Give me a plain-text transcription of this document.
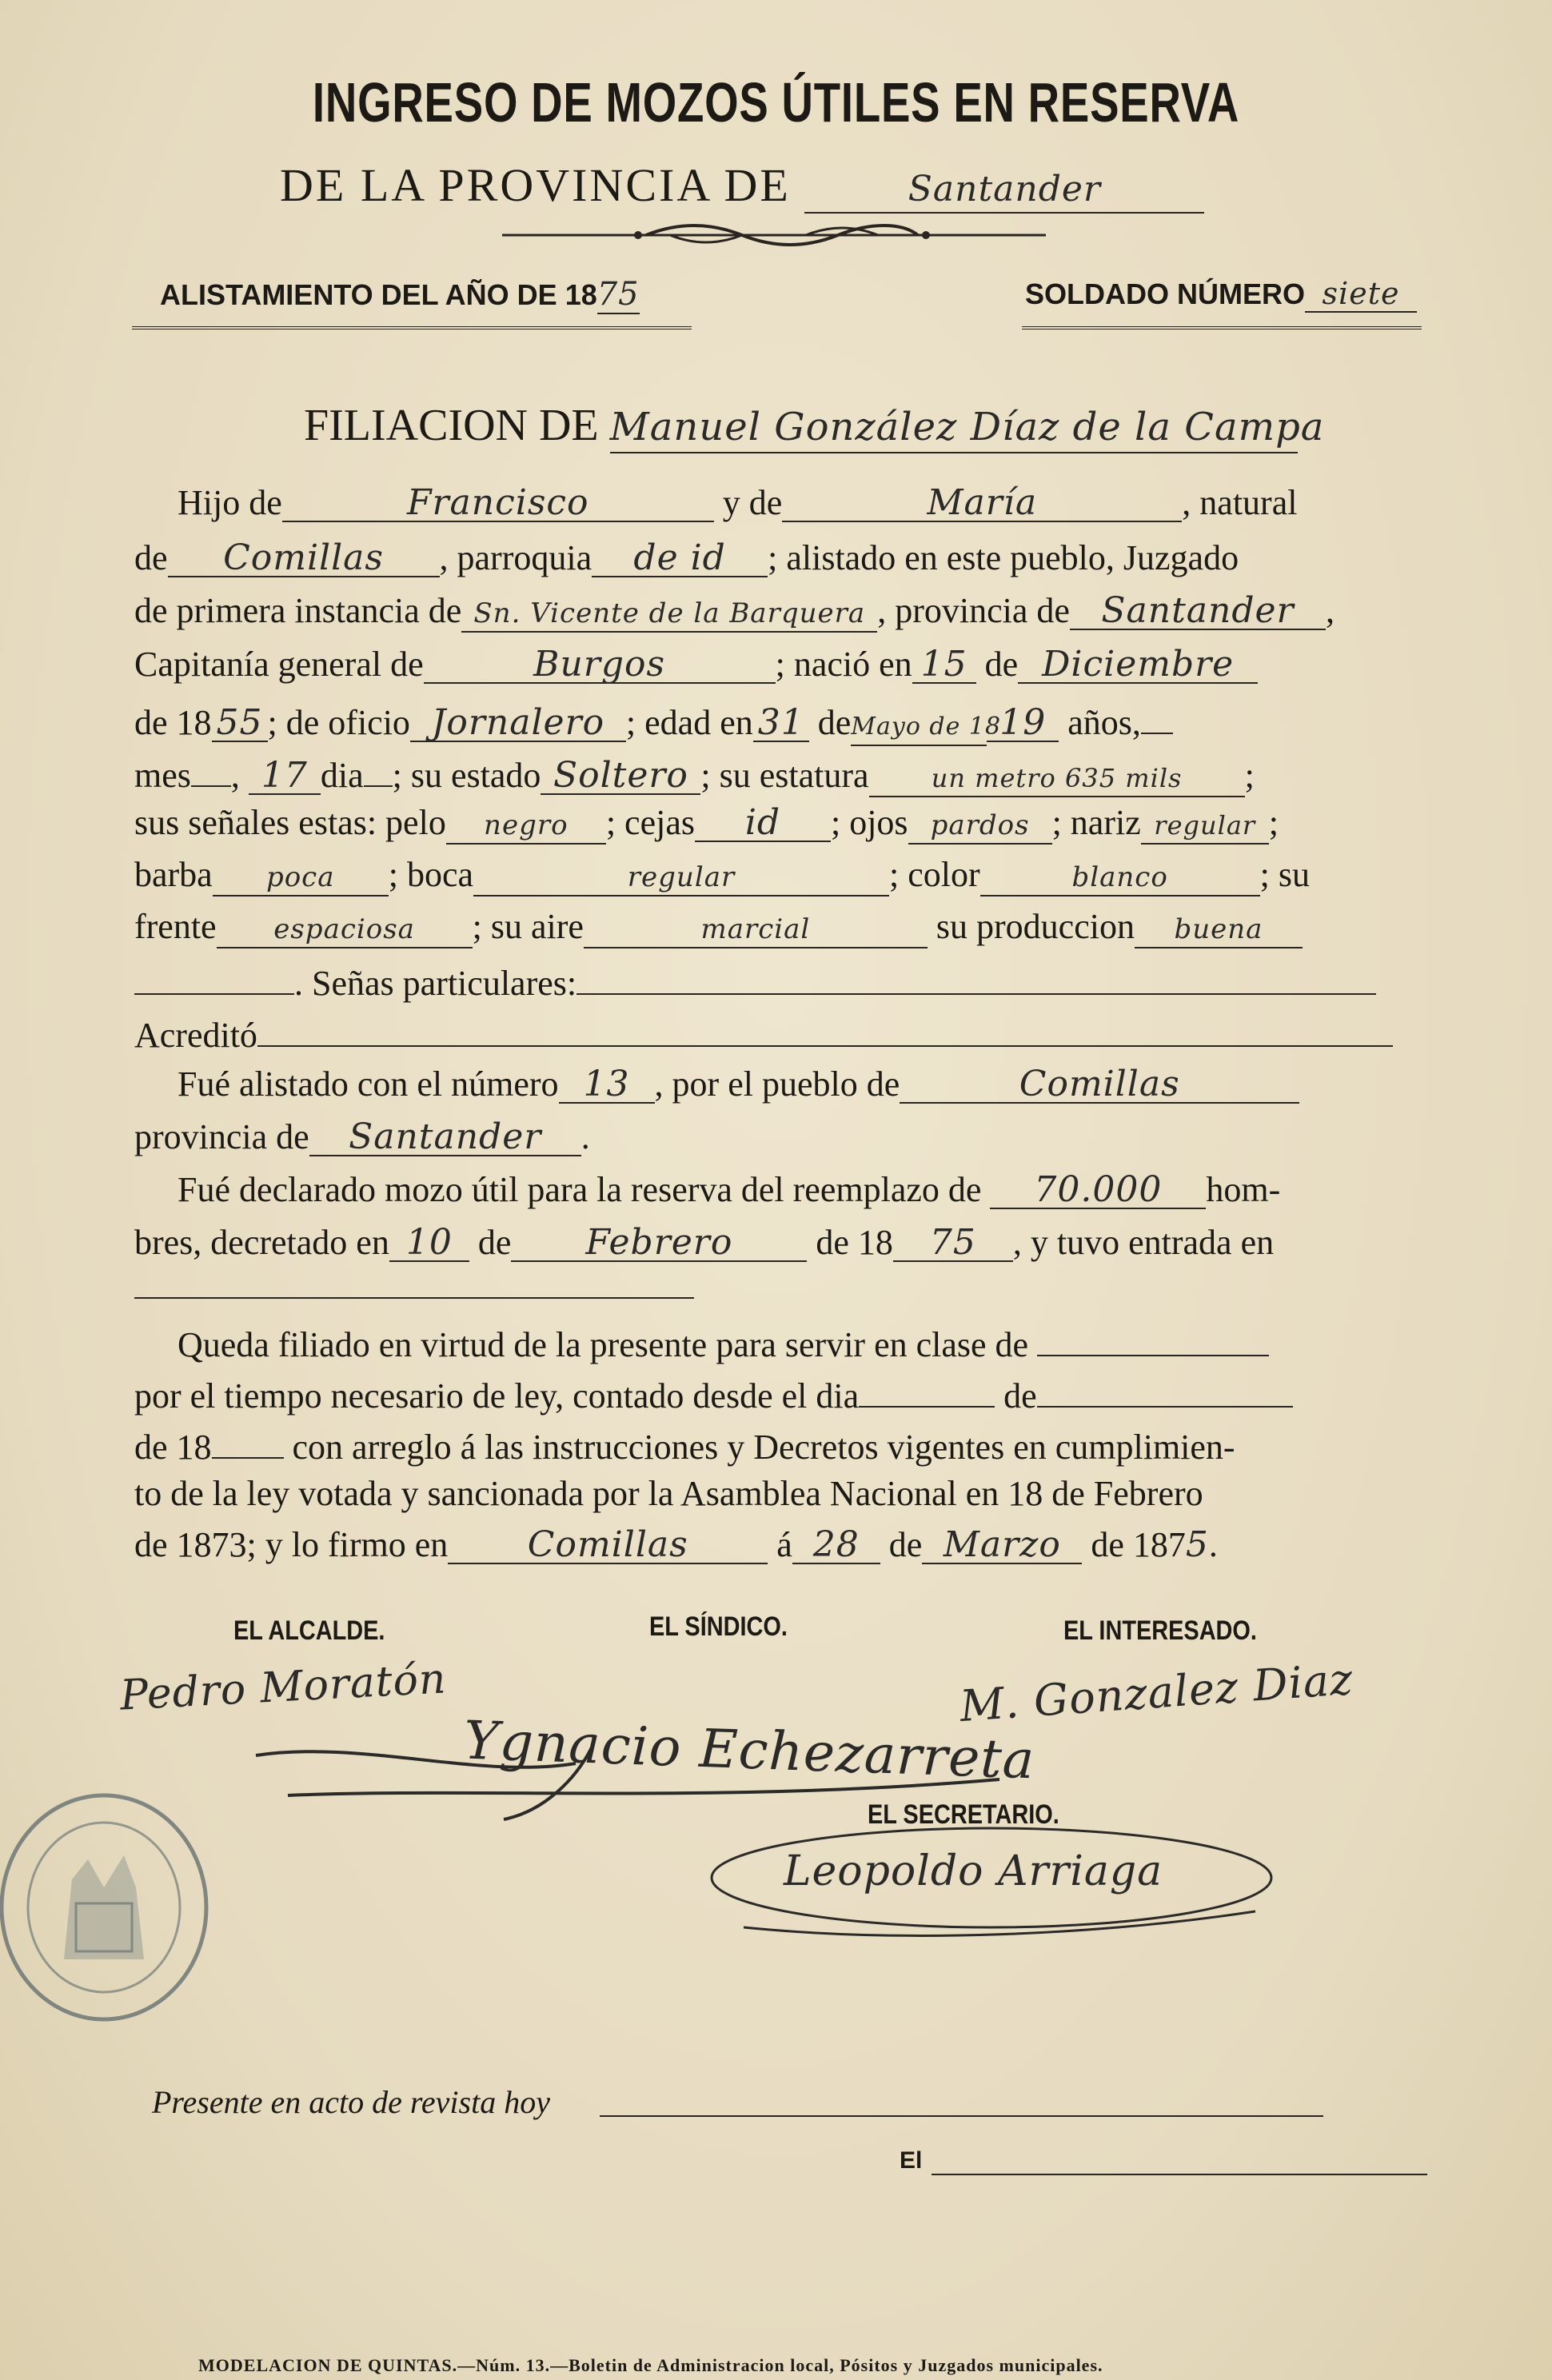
INGRESO DE MOZOS ÚTILES EN RESERVA
DE LA PROVINCIA DE	Santander
ALISTAMIENTO DEL AÑO DE 1875	SOLDADO NÚMERO siete
FILIACION DE Manuel González Díaz de la Campa
Hijo de	Francisco	y de	María	, natural
de Comillas , parroquia de id ; alistado en este pueblo, Juzgado
de primera instancia de Sn. Vicente de la Barquera , provincia de Santander ,
Capitanía general de	Burgos	; nació en 15 de Diciembre
de 18 55 ; de oficio Jornalero ; edad en 31 deMayo de 1819 años,
mes , 17 dia ; su estado Soltero ; su estatura un metro 635 mils ;
sus señales estas: pelo negro ; cejas id ; ojos pardos ; nariz regular ;
barba poca ; boca	regular	; color	blanco	; su
frente espaciosa ; su aire	marcial	su produccion buena
. Señas particulares:
Acreditó
Fué alistado con el número 13 , por el pueblo de	Comillas
provincia de Santander .
Fué declarado mozo útil para la reserva del reemplazo de 70.000 hom-
bres, decretado en 10 de Febrero de 18 75 , y tuvo entrada en
Queda filiado en virtud de la presente para servir en clase de
por el tiempo necesario de ley, contado desde el dia	de
de 18 con arreglo á las instrucciones y Decretos vigentes en cumplimien-
to de la ley votada y sancionada por la Asamblea Nacional en 18 de Febrero
de 1873; y lo firmo en Comillas	á 28 de Marzo de 1875.
EL ALCALDE.	EL SÍNDICO.	EL INTERESADO.
EL SECRETARIO.
Pedro Moratón
Ygnacio Echezarreta
M. Gonzalez Diaz
Leopoldo Arriaga
Presente en acto de revista hoy
El
MODELACION DE QUINTAS.—Núm. 13.—Boletin de Administracion local, Pósitos y Juzgados municipales.
